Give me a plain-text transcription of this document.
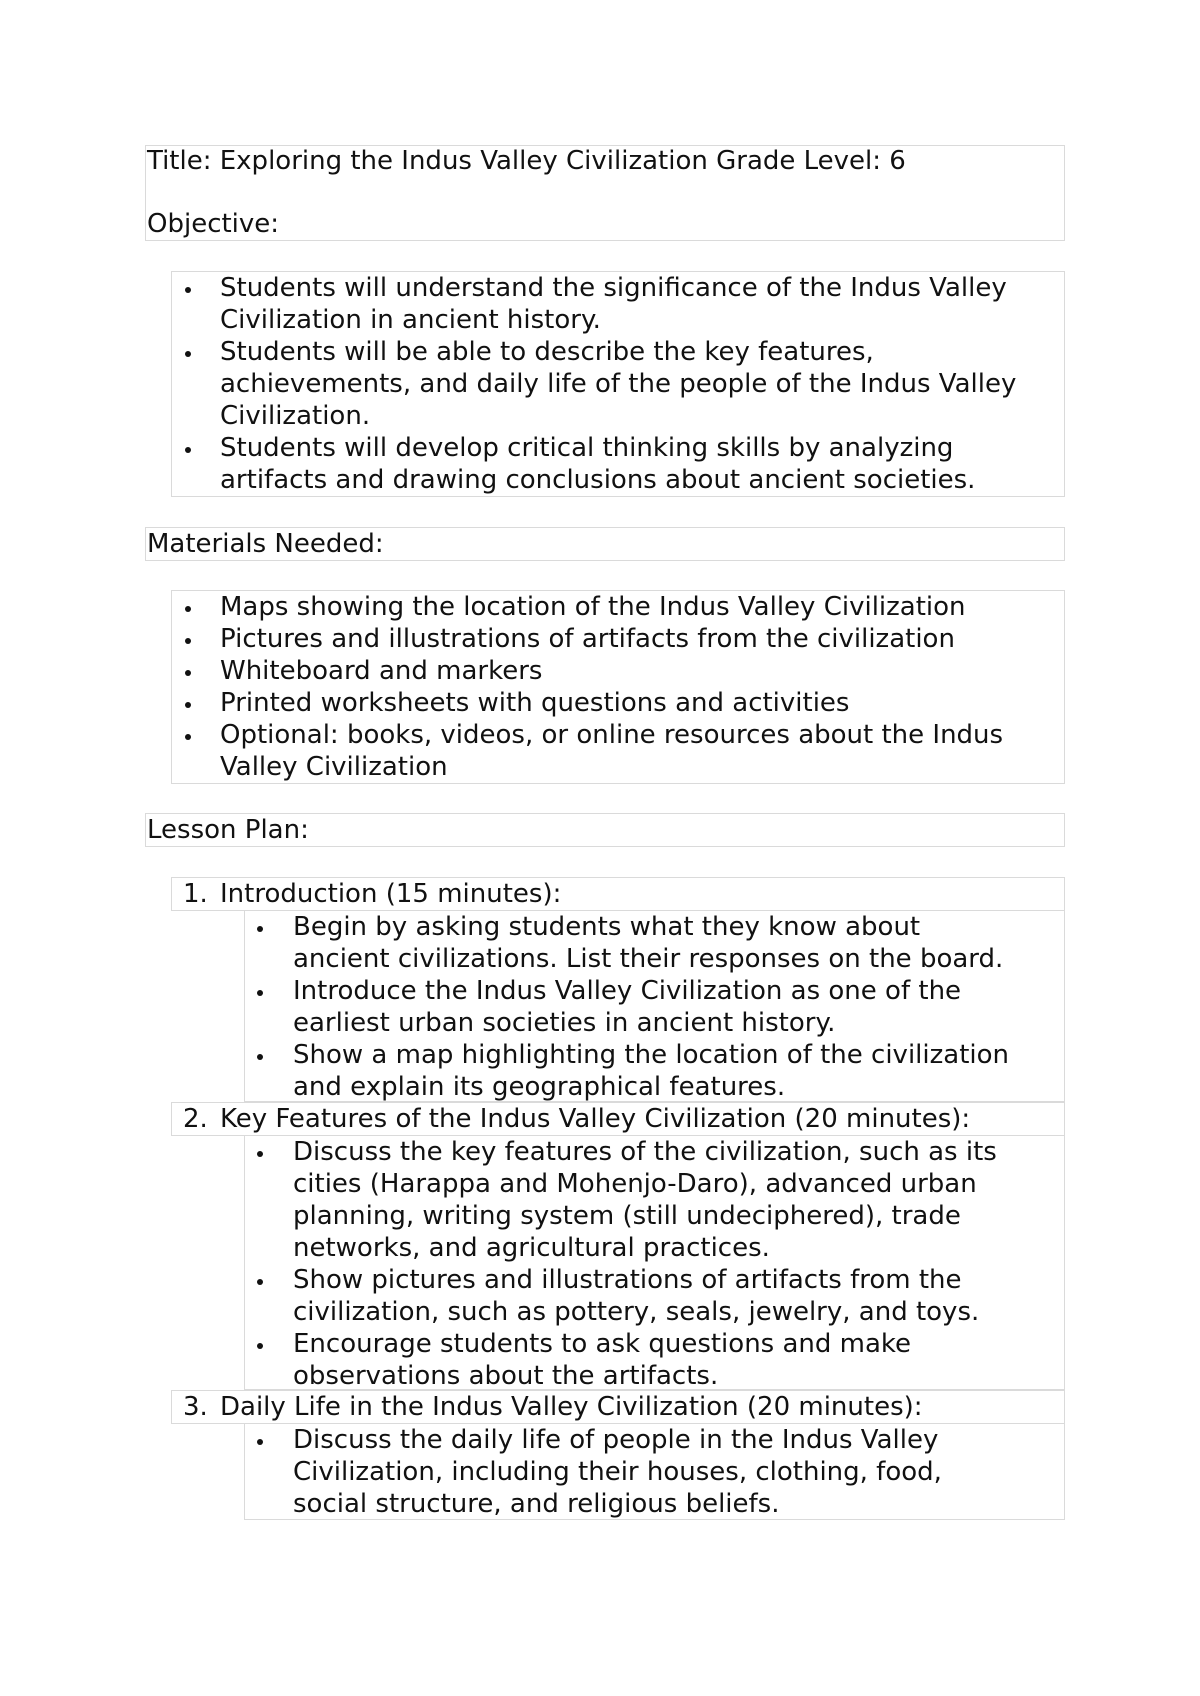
Title: Exploring the Indus Valley Civilization Grade Level: 6
Objective:
Students will understand the significance of the Indus Valley
Civilization in ancient history.
Students will be able to describe the key features,
achievements, and daily life of the people of the Indus Valley
Civilization.
Students will develop critical thinking skills by analyzing
artifacts and drawing conclusions about ancient societies.
Materials Needed:
Maps showing the location of the Indus Valley Civilization
Pictures and illustrations of artifacts from the civilization
Whiteboard and markers
Printed worksheets with questions and activities
Optional: books, videos, or online resources about the Indus
Valley Civilization
Lesson Plan:
1. Introduction (15 minutes):
Begin by asking students what they know about
ancient civilizations. List their responses on the board.
Introduce the Indus Valley Civilization as one of the
earliest urban societies in ancient history.
Show a map highlighting the location of the civilization
and explain its geographical features.
2. Key Features of the Indus Valley Civilization (20 minutes):
Discuss the key features of the civilization, such as its
cities (Harappa and Mohenjo-Daro), advanced urban
planning, writing system (still undeciphered), trade
networks, and agricultural practices.
Show pictures and illustrations of artifacts from the
civilization, such as pottery, seals, jewelry, and toys.
Encourage students to ask questions and make
observations about the artifacts.
3. Daily Life in the Indus Valley Civilization (20 minutes):
Discuss the daily life of people in the Indus Valley
Civilization, including their houses, clothing, food,
social structure, and religious beliefs.
